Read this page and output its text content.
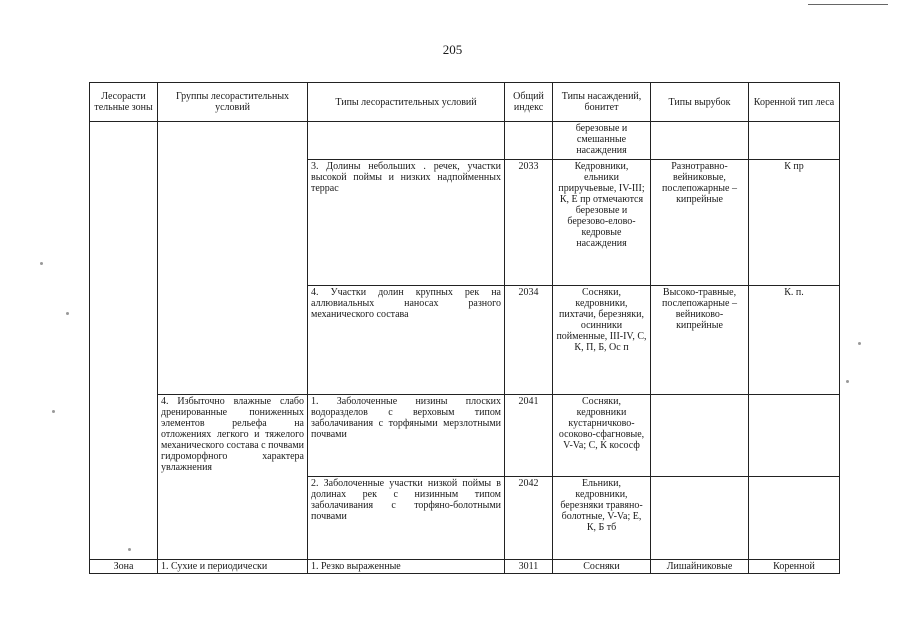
205
Лесорасти тельные зоны	Группы лесорастительных условий	Типы лесорастительных условий	Общий индекс	Типы насаждений, бонитет	Типы вырубок	Коренной тип леса
				березовые и смешанные насаждения		
		3. Долины небольших . речек, участки высокой поймы и низких надпойменных террас	2033	Кедровники, ельники приручьевые, IV-III; К, Е пр отмечаются березовые и березово-елово-кедровые насаждения	Разнотравно-вейниковые, послепожарные – кипрейные	К пр
		4. Участки долин крупных рек на аллювиальных наносах разного механического состава	2034	Сосняки, кедровники, пихтачи, березняки, осинники пойменные, III-IV, С, К, П, Б, Ос п	Высоко-травные, послепожарные – вейниково-кипрейные	К. п.
	4. Избыточно влажные слабо дренированные пониженных элементов рельефа на отложениях легкого и тяжелого механического состава с почвами гидроморфного характера увлажнения	1. Заболоченные низины плоских водоразделов с верховым типом заболачивания с торфяными мерзлотными почвами	2041	Сосняки, кедровники кустарничково-осоково-сфагновые, V-Va; С, К кососф		
		2. Заболоченные участки низкой поймы в долинах рек с низинным типом заболачивания с торфяно-болотными почвами	2042	Ельники, кедровники, березняки травяно-болотные, V-Va; Е, К, Б тб		
Зона	1. Сухие и периодически	1. Резко выраженные	3011	Сосняки	Лишайниковые	Коренной
